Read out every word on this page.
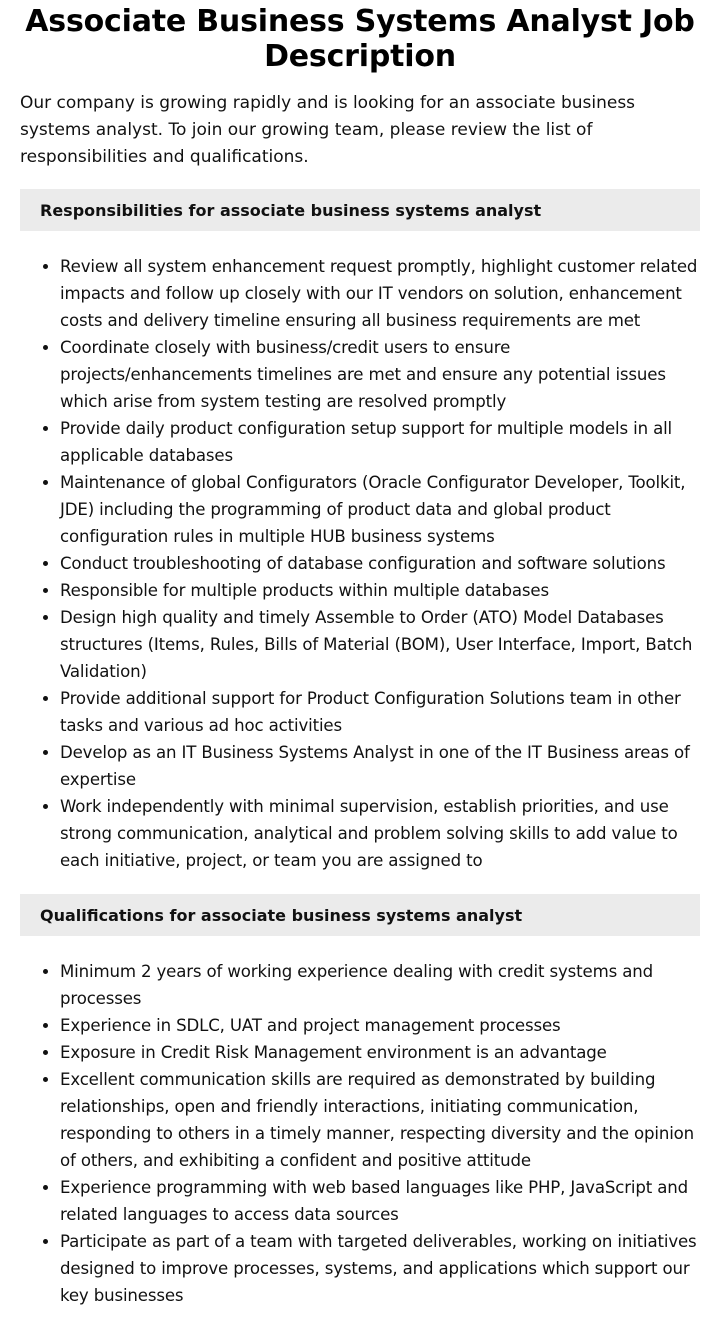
Associate Business Systems Analyst Job Description

Our company is growing rapidly and is looking for an associate business systems analyst. To join our growing team, please review the list of responsibilities and qualifications.

Responsibilities for associate business systems analyst
• Review all system enhancement request promptly, highlight customer related impacts and follow up closely with our IT vendors on solution, enhancement costs and delivery timeline ensuring all business requirements are met
• Coordinate closely with business/credit users to ensure projects/enhancements timelines are met and ensure any potential issues which arise from system testing are resolved promptly
• Provide daily product configuration setup support for multiple models in all applicable databases
• Maintenance of global Configurators (Oracle Configurator Developer, Toolkit, JDE) including the programming of product data and global product configuration rules in multiple HUB business systems
• Conduct troubleshooting of database configuration and software solutions
• Responsible for multiple products within multiple databases
• Design high quality and timely Assemble to Order (ATO) Model Databases structures (Items, Rules, Bills of Material (BOM), User Interface, Import, Batch Validation)
• Provide additional support for Product Configuration Solutions team in other tasks and various ad hoc activities
• Develop as an IT Business Systems Analyst in one of the IT Business areas of expertise
• Work independently with minimal supervision, establish priorities, and use strong communication, analytical and problem solving skills to add value to each initiative, project, or team you are assigned to
Qualifications for associate business systems analyst
• Minimum 2 years of working experience dealing with credit systems and processes
• Experience in SDLC, UAT and project management processes
• Exposure in Credit Risk Management environment is an advantage
• Excellent communication skills are required as demonstrated by building relationships, open and friendly interactions, initiating communication, responding to others in a timely manner, respecting diversity and the opinion of others, and exhibiting a confident and positive attitude
• Experience programming with web based languages like PHP, JavaScript and related languages to access data sources
• Participate as part of a team with targeted deliverables, working on initiatives designed to improve processes, systems, and applications which support our key businesses
